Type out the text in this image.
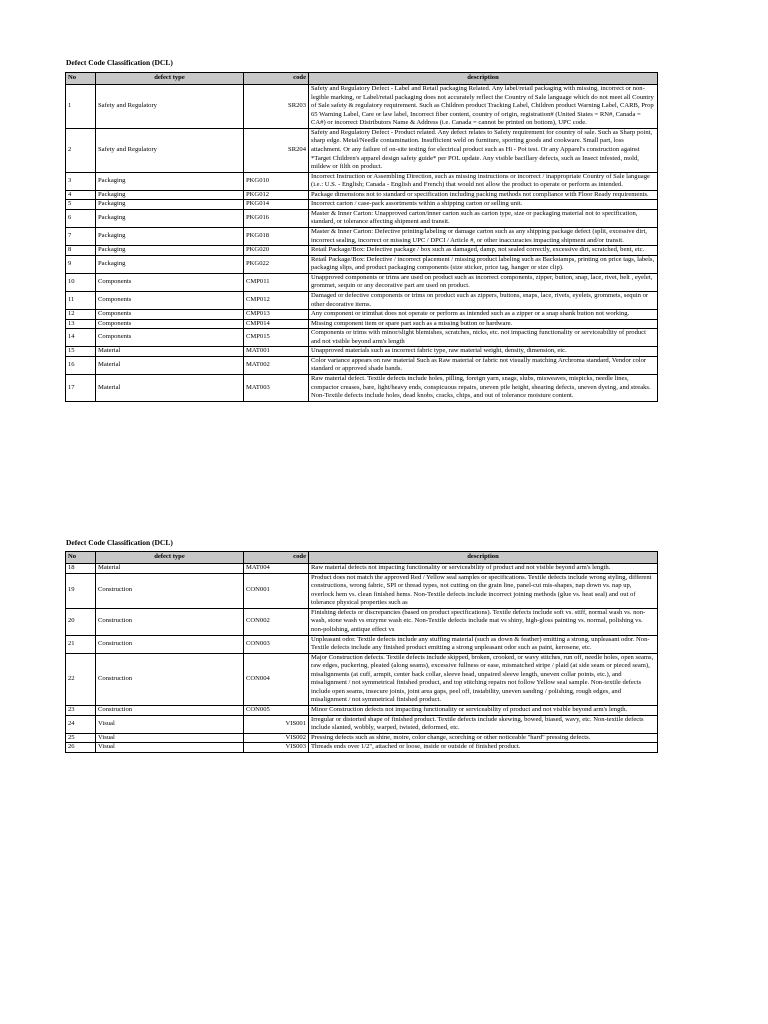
Defect Code Classification (DCL)
No	defect type	code	description
1	Safety and Regulatory	SR203	Safety and Regulatory Defect - Label and Retail packaging Related. Any label/retail packaging with missing, incorrect or non-legible marking, or Label/retail packaging does not accurately reflect the Country of Sale language which do not meet all Country of Sale safety & regulatory requirement. Such as Children product Tracking Label, Children product Warning Label, CARB, Prop 65 Warning Label, Care or law label, Incorrect fiber content, country of origin, registration# (United States = RN#, Canada = CA#) or incorrect Distributors Name & Address (i.e. Canada = cannot be printed on bottom), UPC code.
2	Safety and Regulatory	SR204	Safety and Regulatory Defect - Product related. Any defect relates to Safety requirement for country of sale. Such as Sharp point, sharp edge. Metal/Needle contamination. Insufficient weld on furniture, sporting goods and cookware. Small part, loss attachment. Or any failure of on-site testing for electrical product such as Hi - Pot test. Or any Apparel's construction against *Target Children's apparel design safety guide* per POL update. Any visible bacillary defects, such as Insect infested, mold, mildew or filth on product.
3	Packaging	PKG010	Incorrect Instruction or Assembling Direction, such as missing instructions or incorrect / inappropriate Country of Sale language (i.e.: U.S. - English; Canada - English and French) that would not allow the product to operate or perform as intended.
4	Packaging	PKG012	Package dimensions not to standard or specification including packing methods not compliance with Floor Ready requirements.
5	Packaging	PKG014	Incorrect carton / case-pack assortments within a shipping carton or selling unit.
6	Packaging	PKG016	Master & Inner Carton: Unapproved carton/inner carton such as carton type, size or packaging material not to specification, standard, or tolerance affecting shipment and transit.
7	Packaging	PKG018	Master & Inner Carton: Defective printing/labeling or damage carton such as any shipping package defect (split, excessive dirt, incorrect sealing, incorrect or missing UPC / DPCI / Article #, or other inaccuracies impacting shipment and/or transit.
8	Packaging	PKG020	Retail Package/Box: Defective package / box such as damaged, damp, not sealed correctly, excessive dirt, scratched, bent, etc.
9	Packaging	PKG022	Retail Package/Box: Defective / incorrect placement / missing product labeling such as Backstamps, printing on price tags, labels, packaging slips, and product packaging components (size sticker, price tag, hanger or size clip).
10	Components	CMP011	Unapproved components or trims are used on product such as incorrect components, zipper, button, snap, lace, rivet, belt , eyelet, grommet, sequin or any decorative part are used on product.
11	Components	CMP012	Damaged or defective components or trims on product such as zippers, buttons, snaps, lace, rivets, eyelets, grommets, sequin or other decorative items.
12	Components	CMP013	Any component or trimthat does not operate or perform as intended such as a zipper or a snap shank button not working.
13	Components	CMP014	Missing component item or spare part such as a missing button or hardware.
14	Components	CMP015	Components or trims with minor/slight blemishes, scratches, nicks, etc. not impacting functionality or serviceability of product and not visible beyond arm's length
15	Material	MAT001	Unapproved materials such as incorrect fabric type, raw material weight, density, dimension, etc.
16	Material	MAT002	Color variance appears on raw material Such as Raw material or fabric not visually matching Archroma standard, Vendor color standard or approved shade bands.
17	Material	MAT003	Raw material defect. Textile defects include holes, pilling, foreign yarn, snags, slubs, misweaves, mispicks, needle lines, compactor creases, bare, light/heavy ends, conspicuous repairs, uneven pile height, shearing defects, uneven dyeing, and streaks. Non-Textile defects include holes, dead knobs, cracks, chips, and out of tolerance moisture content.
Defect Code Classification (DCL)
No	defect type	code	description
18	Material	MAT004	Raw material defects not impacting functionality or serviceability of product and not visible beyond arm's length.
19	Construction	CON001	Product does not match the approved Red / Yellow seal samples or specifications. Textile defects include wrong styling, different constructions, wrong fabric, SPI or thread types, not cutting on the grain line, panel-cut mis-shapes, nap down vs. nap up, overlock hem vs. clean finished hems. Non-Textile defects include incorrect joining methods (glue vs. heat seal) and out of tolerance physical properties such as
20	Construction	CON002	Finishing defects or discrepancies (based on product specifications). Textile defects include soft vs. stiff, normal wash vs. non-wash, stone wash vs enzyme wash etc. Non-Textile defects include mat vs shiny, high-gloss painting vs. normal, polishing vs. non-polishing, antique effect vs
21	Construction	CON003	Unpleasant odor. Textile defects include any stuffing material (such as down & feather) emitting a strong, unpleasant odor. Non-Textile defects include any finished product emitting a strong unpleasant odor such as paint, kerosene, etc.
22	Construction	CON004	Major Construction defects. Textile defects include skipped, broken, crooked, or wavy stitches, run off, needle holes, open seams, raw edges, puckering, pleated (along seams), excessive fullness or ease, mismatched stripe / plaid (at side seam or pieced seam), misalignments (at cuff, armpit, center back collar, sleeve head, unpaired sleeve length, uneven collar points, etc.), and misalignment / not symmetrical finished product, and top stitching repairs not follow Yellow seal sample. Non-textile defects include open seams, insecure joints, joint area gaps, peel off, instability, uneven sanding / polishing, rough edges, and misalignment / not symmetrical finished product.
23	Construction	CON005	Minor Construction defects not impacting functionality or serviceability of product and not visible beyond arm's length.
24	Visual	VIS001	Irregular or distorted shape of finished product. Textile defects include skewing, bowed, biased, wavy, etc. Non-textile defects include slanted, wobbly, warped, twisted, deformed, etc.
25	Visual	VIS002	Pressing defects such as shine, moire, color change, scorching or other noticeable "hard" pressing defects.
26	Visual	VIS003	Threads ends over 1/2", attached or loose, inside or outside of finished product.
